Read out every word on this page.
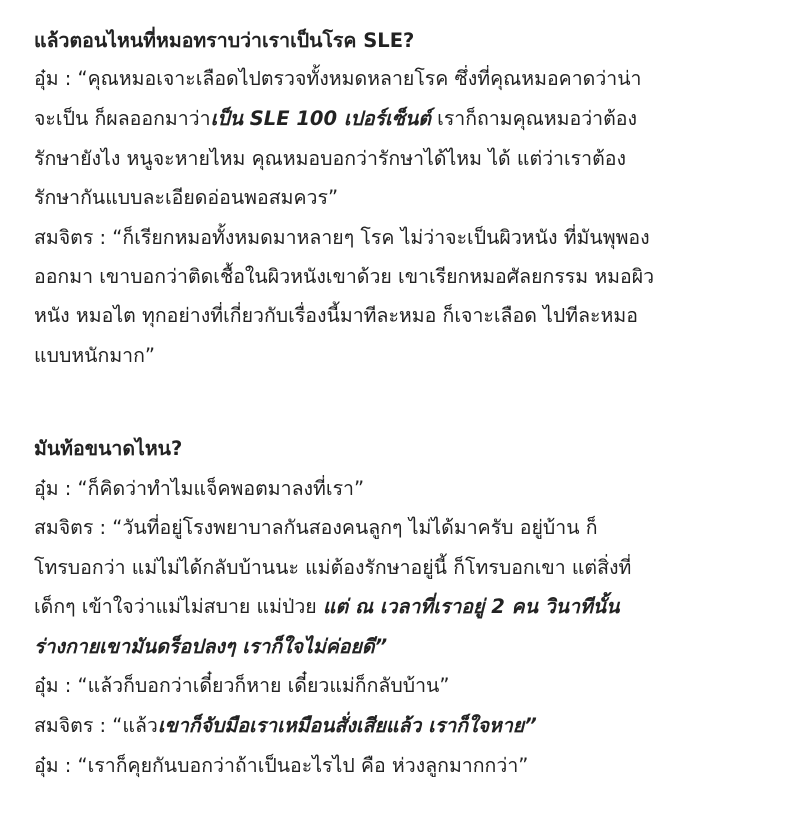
แล้วตอนไหนที่หมอทราบว่าเราเป็นโรค SLE?
อุ๋ม : “คุณหมอเจาะเลือดไปตรวจทั้งหมดหลายโรค ซึ่งที่คุณหมอคาดว่าน่า
จะเป็น ก็ผลออกมาว่าเป็น SLE 100 เปอร์เซ็นต์ เราก็ถามคุณหมอว่าต้อง
รักษายังไง หนูจะหายไหม คุณหมอบอกว่ารักษาได้ไหม ได้ แต่ว่าเราต้อง
รักษากันแบบละเอียดอ่อนพอสมควร”
สมจิตร : “ก็เรียกหมอทั้งหมดมาหลายๆ โรค ไม่ว่าจะเป็นผิวหนัง ที่มันพุพอง
ออกมา เขาบอกว่าติดเชื้อในผิวหนังเขาด้วย เขาเรียกหมอศัลยกรรม หมอผิว
หนัง หมอไต ทุกอย่างที่เกี่ยวกับเรื่องนี้มาทีละหมอ ก็เจาะเลือด ไปทีละหมอ
แบบหนักมาก”
มันท้อขนาดไหน?
อุ๋ม : “ก็คิดว่าทำไมแจ็คพอตมาลงที่เรา”
สมจิตร : “วันที่อยู่โรงพยาบาลกันสองคนลูกๆ ไม่ได้มาครับ อยู่บ้าน ก็
โทรบอกว่า แม่ไม่ได้กลับบ้านนะ แม่ต้องรักษาอยู่นี้ ก็โทรบอกเขา แต่สิ่งที่
เด็กๆ เข้าใจว่าแม่ไม่สบาย แม่ป่วย แต่ ณ เวลาที่เราอยู่ 2 คน วินาทีนั้น
ร่างกายเขามันดร็อปลงๆ เราก็ใจไม่ค่อยดี”
อุ๋ม : “แล้วก็บอกว่าเดี๋ยวก็หาย เดี๋ยวแม่ก็กลับบ้าน”
สมจิตร : “แล้วเขาก็จับมือเราเหมือนสั่งเสียแล้ว เราก็ใจหาย”
อุ๋ม : “เราก็คุยกันบอกว่าถ้าเป็นอะไรไป คือ ห่วงลูกมากกว่า”
